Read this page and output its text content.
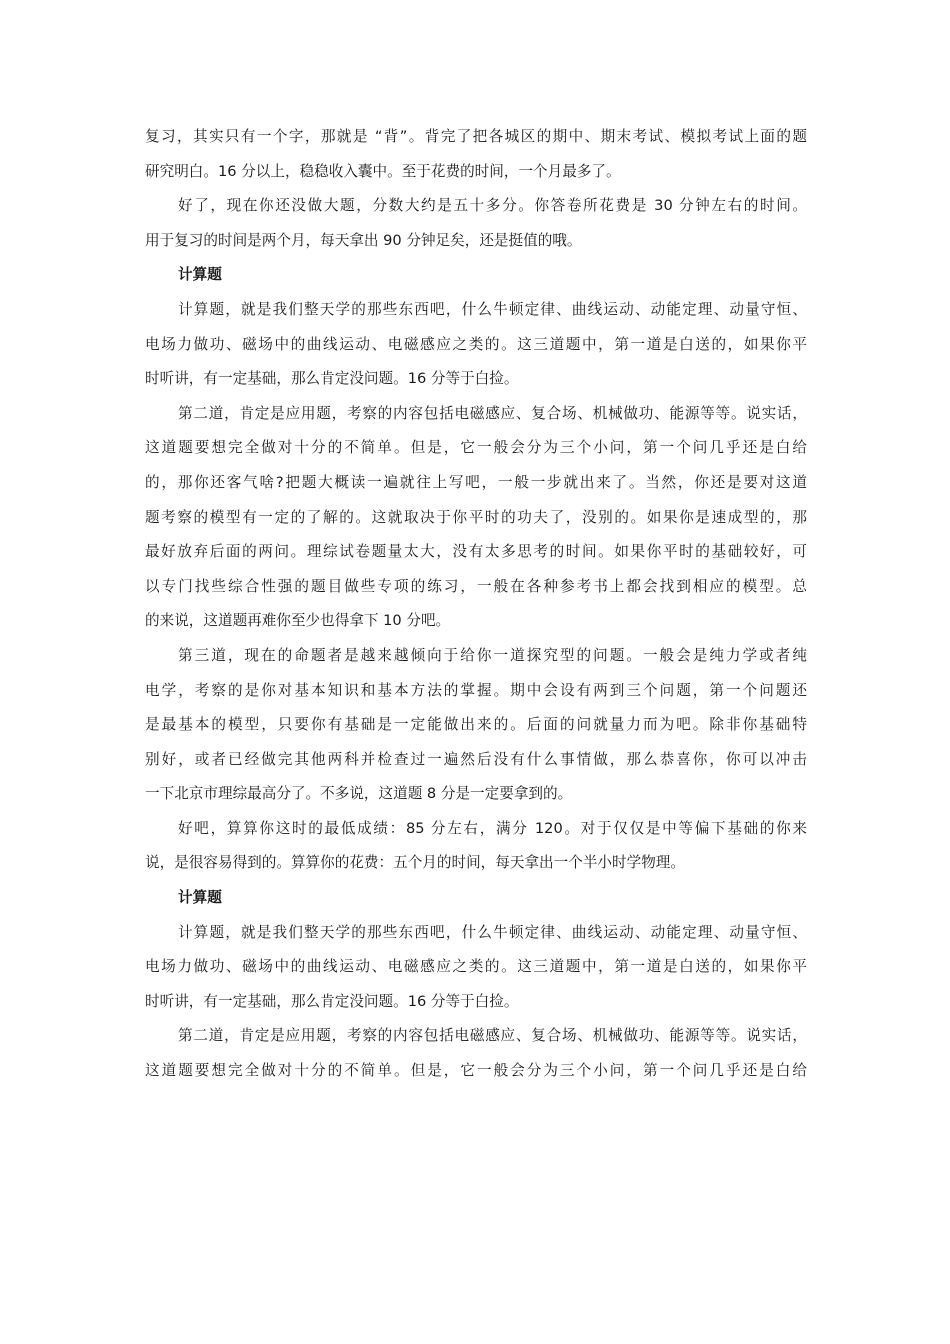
复习，其实只有一个字，那就是 “背”。背完了把各城区的期中、期末考试、模拟考试上面的题
研究明白。16 分以上，稳稳收入囊中。至于花费的时间，一个月最多了。
好了，现在你还没做大题，分数大约是五十多分。你答卷所花费是 30 分钟左右的时间。
用于复习的时间是两个月，每天拿出 90 分钟足矣，还是挺值的哦。
计算题
计算题，就是我们整天学的那些东西吧，什么牛顿定律、曲线运动、动能定理、动量守恒、
电场力做功、磁场中的曲线运动、电磁感应之类的。这三道题中，第一道是白送的，如果你平
时听讲，有一定基础，那么肯定没问题。16 分等于白捡。
第二道，肯定是应用题，考察的内容包括电磁感应、复合场、机械做功、能源等等。说实话，
这道题要想完全做对十分的不简单。但是，它一般会分为三个小问，第一个问几乎还是白给
的，那你还客气啥?把题大概读一遍就往上写吧，一般一步就出来了。当然，你还是要对这道
题考察的模型有一定的了解的。这就取决于你平时的功夫了，没别的。如果你是速成型的，那
最好放弃后面的两问。理综试卷题量太大，没有太多思考的时间。如果你平时的基础较好，可
以专门找些综合性强的题目做些专项的练习，一般在各种参考书上都会找到相应的模型。总
的来说，这道题再难你至少也得拿下 10 分吧。
第三道，现在的命题者是越来越倾向于给你一道探究型的问题。一般会是纯力学或者纯
电学，考察的是你对基本知识和基本方法的掌握。期中会设有两到三个问题，第一个问题还
是最基本的模型，只要你有基础是一定能做出来的。后面的问就量力而为吧。除非你基础特
别好，或者已经做完其他两科并检查过一遍然后没有什么事情做，那么恭喜你，你可以冲击
一下北京市理综最高分了。不多说，这道题 8 分是一定要拿到的。
好吧，算算你这时的最低成绩：85 分左右，满分 120。对于仅仅是中等偏下基础的你来
说，是很容易得到的。算算你的花费：五个月的时间，每天拿出一个半小时学物理。
计算题
计算题，就是我们整天学的那些东西吧，什么牛顿定律、曲线运动、动能定理、动量守恒、
电场力做功、磁场中的曲线运动、电磁感应之类的。这三道题中，第一道是白送的，如果你平
时听讲，有一定基础，那么肯定没问题。16 分等于白捡。
第二道，肯定是应用题，考察的内容包括电磁感应、复合场、机械做功、能源等等。说实话，
这道题要想完全做对十分的不简单。但是，它一般会分为三个小问，第一个问几乎还是白给
